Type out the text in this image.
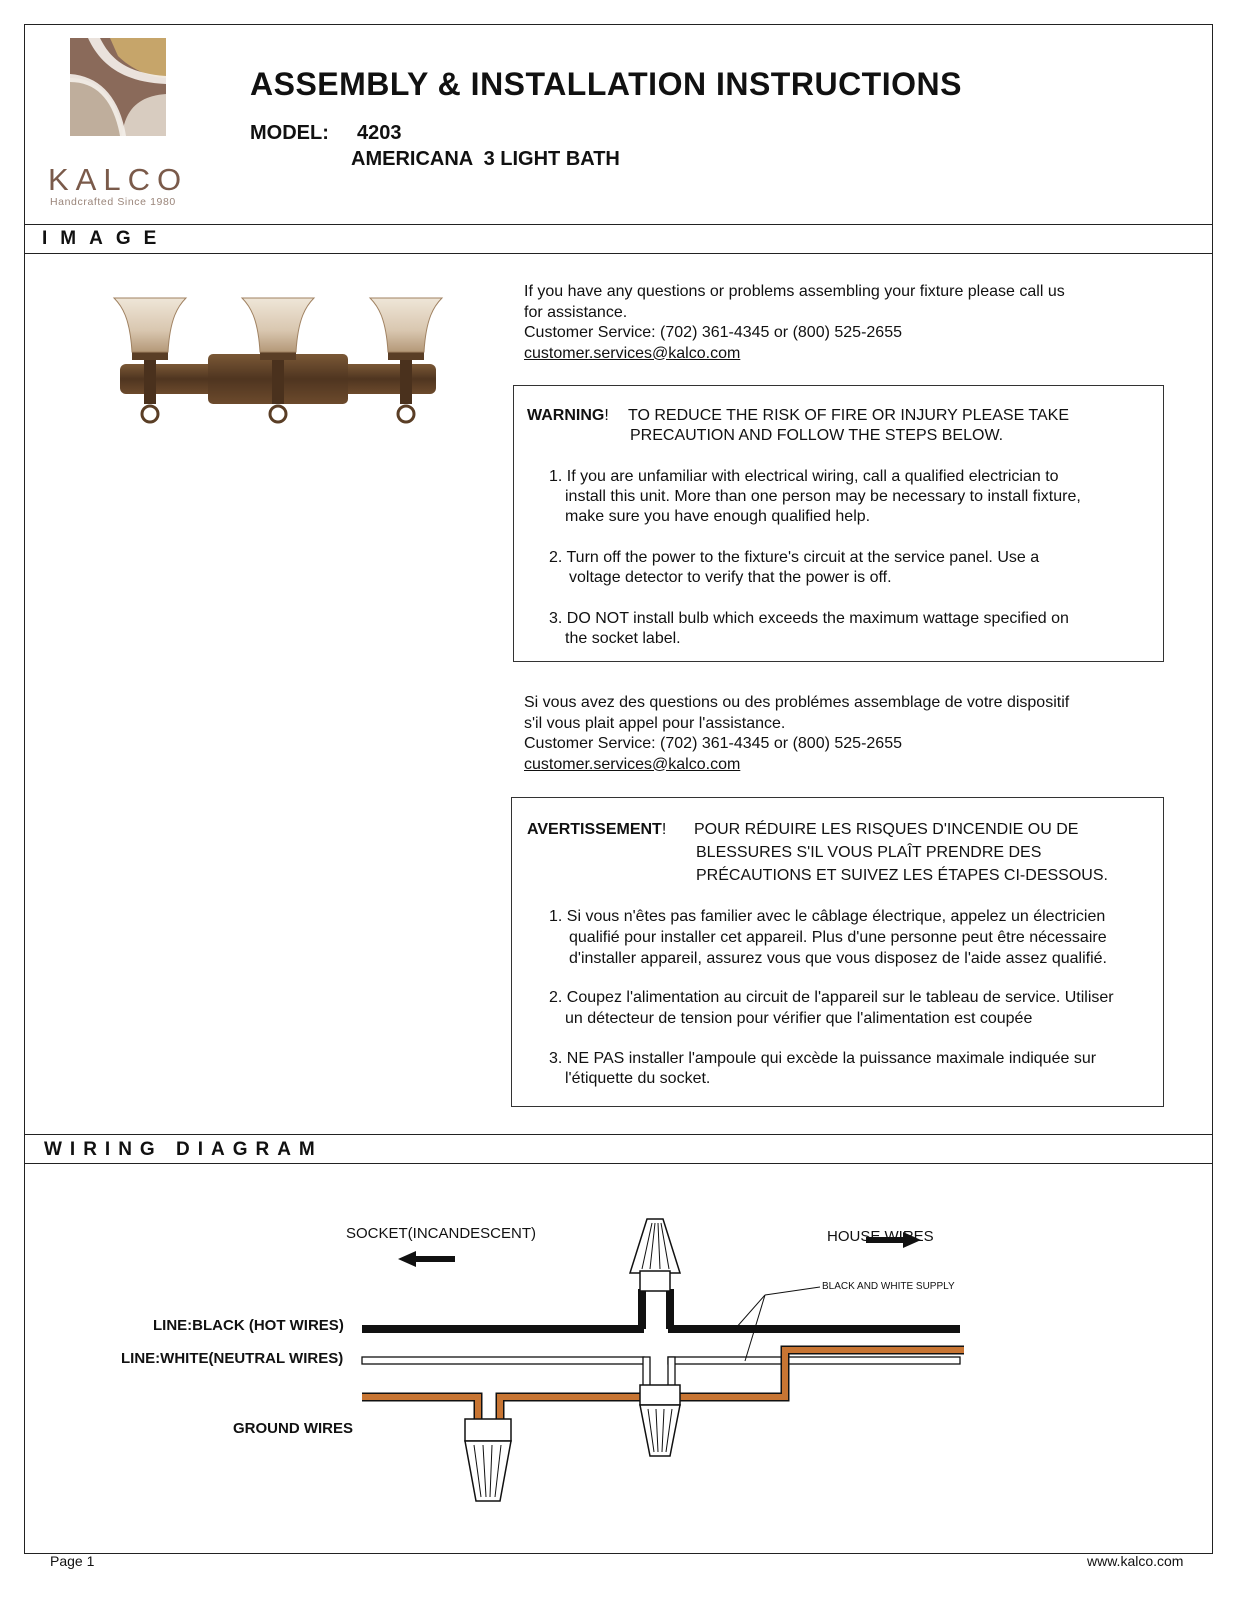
KALCO
Handcrafted Since 1980
ASSEMBLY & INSTALLATION INSTRUCTIONS
MODEL: 4203
AMERICANA  3 LIGHT BATH
IMAGE
If you have any questions or problems assembling your fixture please call us
for assistance.
Customer Service: (702) 361-4345 or (800) 525-2655
customer.services@kalco.com
WARNING! TO REDUCE THE RISK OF FIRE OR INJURY PLEASE TAKE
PRECAUTION AND FOLLOW THE STEPS BELOW.
1. If you are unfamiliar with electrical wiring, call a qualified electrician to
install this unit. More than one person may be necessary to install fixture,
make sure you have enough qualified help.
2. Turn off the power to the fixture's circuit at the service panel. Use a
voltage detector to verify that the power is off.
3. DO NOT install bulb which exceeds the maximum wattage specified on
the socket label.
Si vous avez des questions ou des problémes assemblage de votre dispositif
s'il vous plait appel pour l'assistance.
Customer Service: (702) 361-4345 or (800) 525-2655
customer.services@kalco.com
AVERTISSEMENT! POUR RÉDUIRE LES RISQUES D'INCENDIE OU DE
BLESSURES S'IL VOUS PLAÎT PRENDRE DES
PRÉCAUTIONS ET SUIVEZ LES ÉTAPES CI-DESSOUS.
1. Si vous n'êtes pas familier avec le câblage électrique, appelez un électricien
qualifié pour installer cet appareil. Plus d'une personne peut être nécessaire
d'installer appareil, assurez vous que vous disposez de l'aide assez qualifié.
2. Coupez l'alimentation au circuit de l'appareil sur le tableau de service. Utiliser
un détecteur de tension pour vérifier que l'alimentation est coupée
3. NE PAS installer l'ampoule qui excède la puissance maximale indiquée sur
l'étiquette du socket.
WIRING DIAGRAM
SOCKET(INCANDESCENT)	HOUSE WIRES
BLACK AND WHITE SUPPLY
LINE:BLACK (HOT WIRES)
LINE:WHITE(NEUTRAL WIRES)
GROUND WIRES
Page 1	www.kalco.com
